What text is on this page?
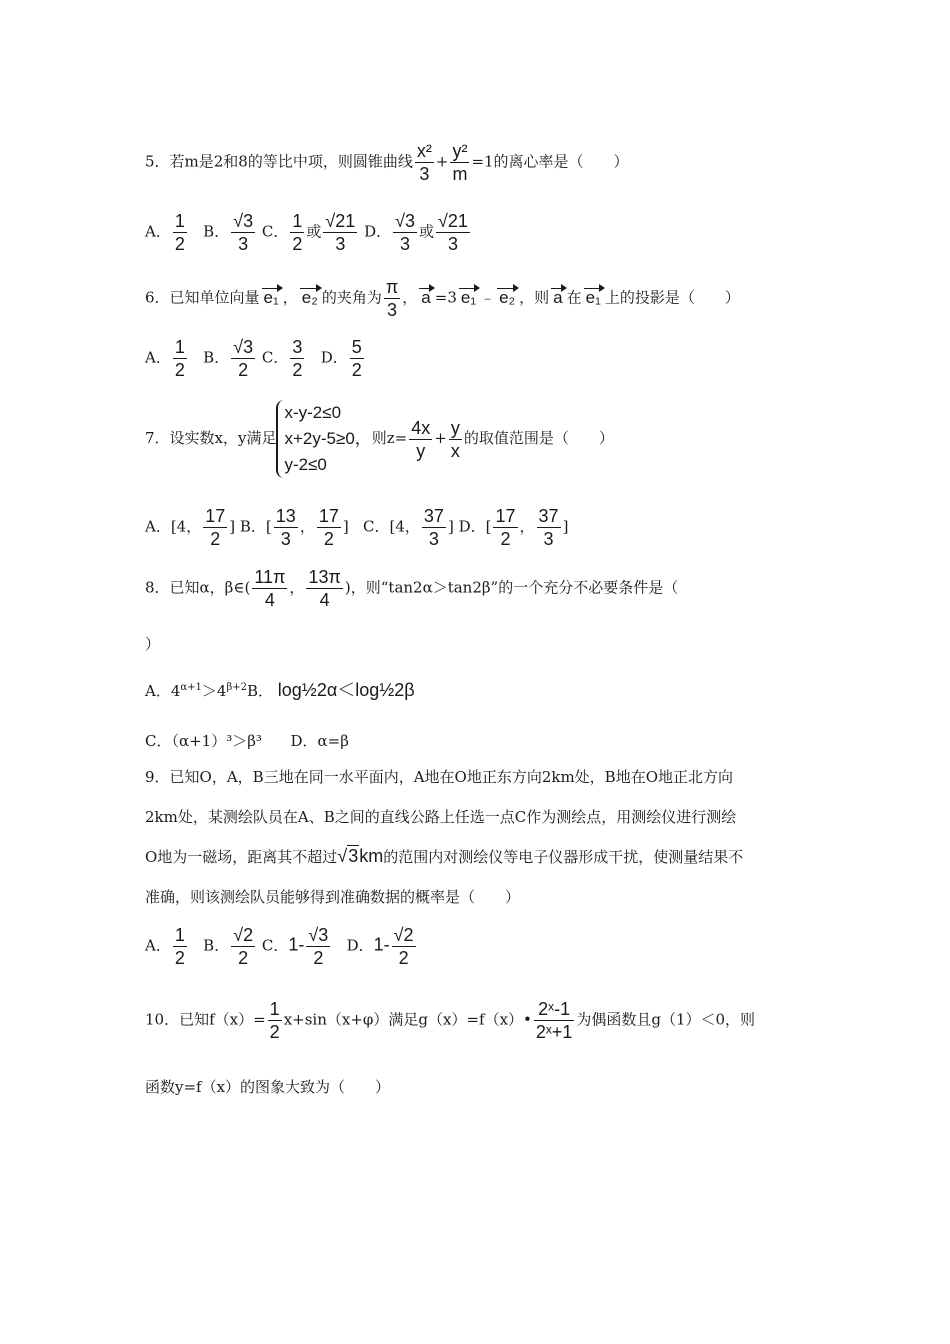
5．若m是2和8的等比中项，则圆锥曲线 $\frac{\text{x²}}{3} + \frac{\text{y²}}{m} =1$的离心率是（　　）
A． $\frac{1}{2}$ B． $\frac{√3}{3}$ C． $\frac{1}{2}$ 或 $\frac{√21}{3}$ D． $\frac{√3}{3}$ 或 $\frac{√21}{3}$
6．已知单位向量 e₁ ， e₂ 的夹角为 $\frac{\pi}{3}$ ， a =3 e₁ ﹣ e₂ ，则 a 在 e₁ 上的投影是（　　）
A． $\frac{1}{2}$ B． $\frac{√3}{2}$ C． $\frac{3}{2}$ D． $\frac{5}{2}$
7．设实数x，y满足
x-y-2≤0
x+2y-5≥0，
y-2≤0
则$z= \frac{4x}{y} + \frac{y}{x}$ 的取值范围是（　　）
A．[4， $\frac{17}{2}$ ] B．[ $\frac{13}{3}$ ， $\frac{17}{2}$ ] C．[4， $\frac{37}{3}$ ] D．[ $\frac{17}{2}$ ， $\frac{37}{3}$ ]
8．已知α，β∈( $\frac{11\pi}{4}$ ， $\frac{13\pi}{4}$ )，则“tan2α＞tan2β”的一个充分不必要条件是（
）
A．$4^{\alpha+1}>4^{\beta+2}B$． log½2α＜log½2β
C．（α+1）³＞β³ D．α=β
9．已知O，A，B三地在同一水平面内，A地在O地正东方向2km处，B地在O地正北方向
2km处，某测绘队员在A、B之间的直线公路上任选一点C作为测绘点，用测绘仪进行测绘
O地为一磁场，距离其不超过√3km的范围内对测绘仪等电子仪器形成干扰，使测量结果不
准确，则该测绘队员能够得到准确数据的概率是（　　）
A． $\frac{1}{2}$ B． $\frac{√2}{2}$ C．$1- \frac{√3}{2}$ D．$1- \frac{√2}{2}$
10．已知$f(x)= \frac{1}{2} x+\sin(x+\varphi)$满足g（x）=f（x）• $\frac{\text{2ˣ-1}}{\text{2ˣ+1}}$ 为偶函数且g（1）＜0，则
函数y=f（x）的图象大致为（　　）
